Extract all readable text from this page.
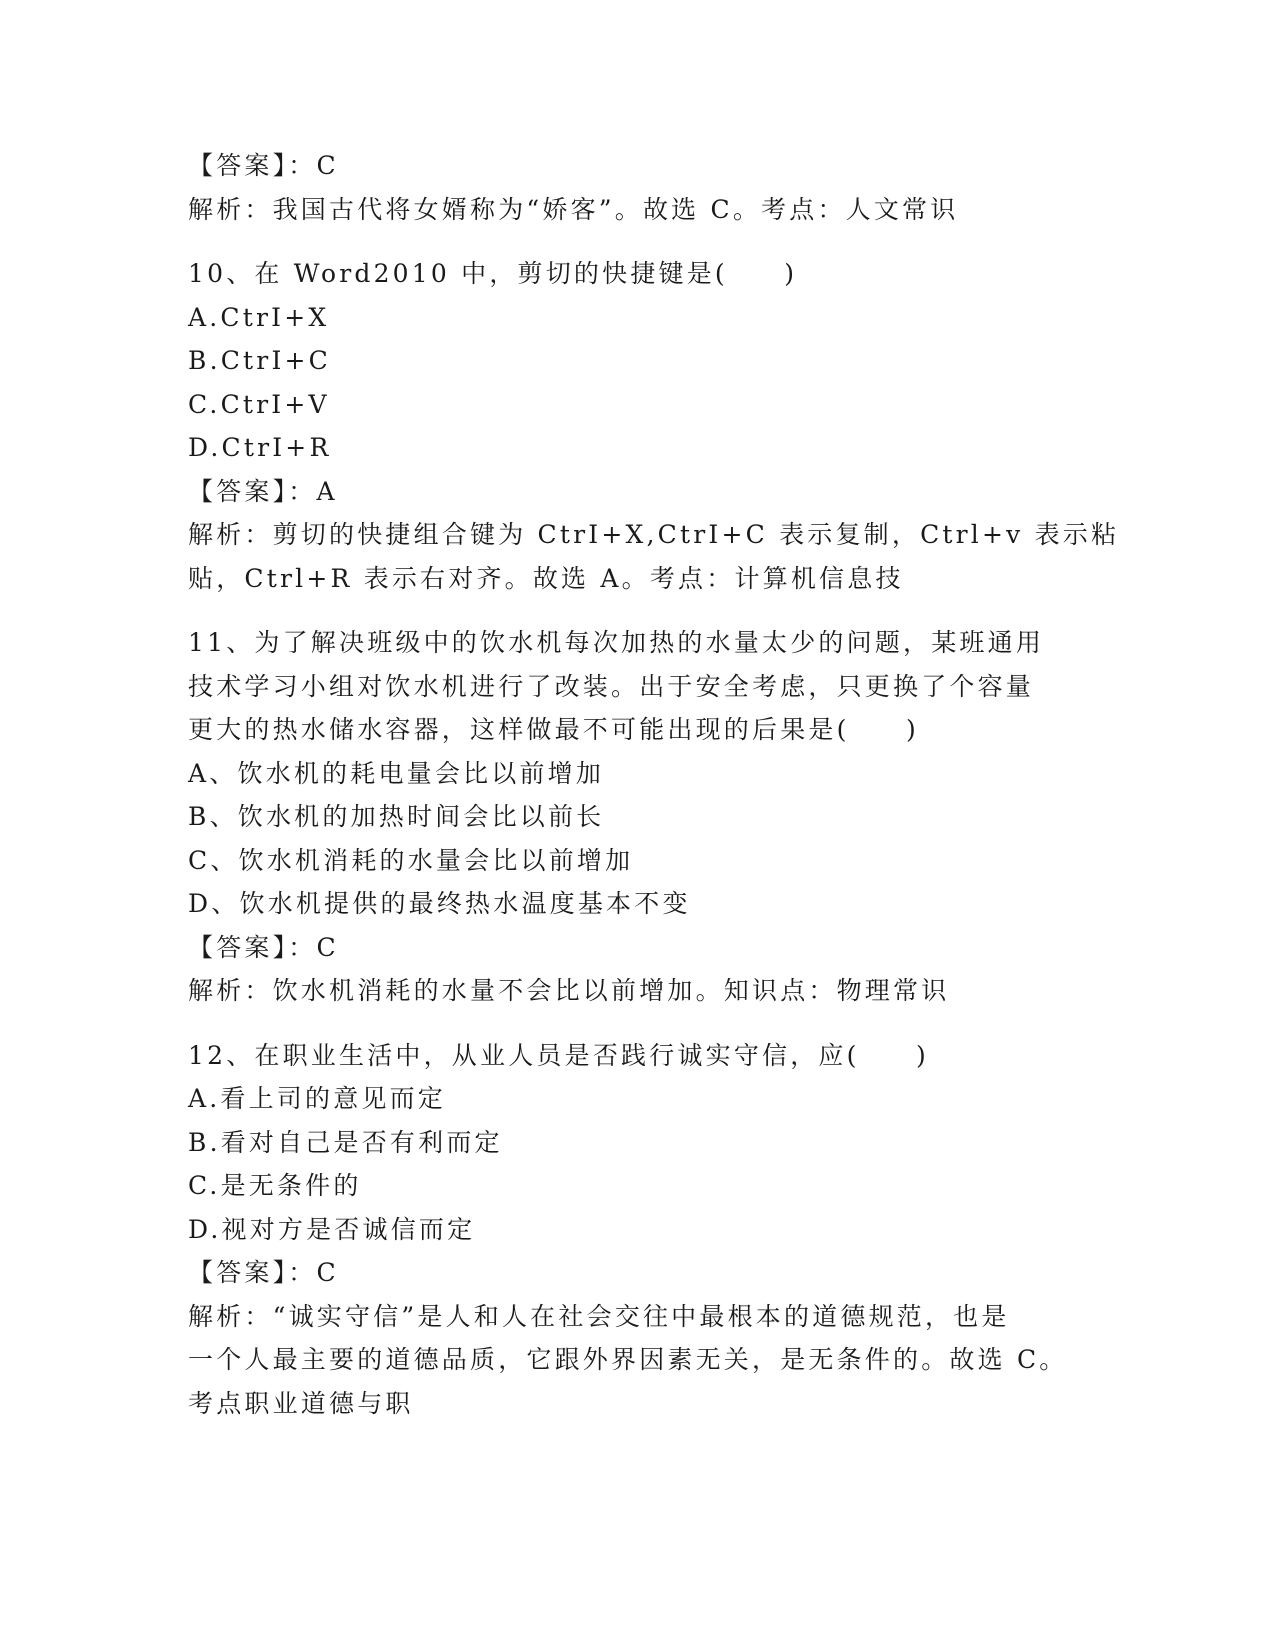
【答案】：C

解析：我国古代将女婿称为“娇客”。故选 C。考点：人文常识

10、在 Word2010 中，剪切的快捷键是(　　)

A.CtrI+X

B.CtrI+C

C.CtrI+V

D.CtrI+R

【答案】：A

解析：剪切的快捷组合键为 CtrI+X,CtrI+C 表示复制，Ctrl+v 表示粘

贴，Ctrl+R 表示右对齐。故选 A。考点：计算机信息技

11、为了解决班级中的饮水机每次加热的水量太少的问题，某班通用

技术学习小组对饮水机进行了改装。出于安全考虑，只更换了个容量

更大的热水储水容器，这样做最不可能出现的后果是(　　)

A、饮水机的耗电量会比以前增加

B、饮水机的加热时间会比以前长

C、饮水机消耗的水量会比以前增加

D、饮水机提供的最终热水温度基本不变

【答案】：C

解析：饮水机消耗的水量不会比以前增加。知识点：物理常识

12、在职业生活中，从业人员是否践行诚实守信，应(　　)

A.看上司的意见而定

B.看对自己是否有利而定

C.是无条件的

D.视对方是否诚信而定

【答案】：C

解析：“诚实守信”是人和人在社会交往中最根本的道德规范，也是

一个人最主要的道德品质，它跟外界因素无关，是无条件的。故选 C。

考点职业道德与职
